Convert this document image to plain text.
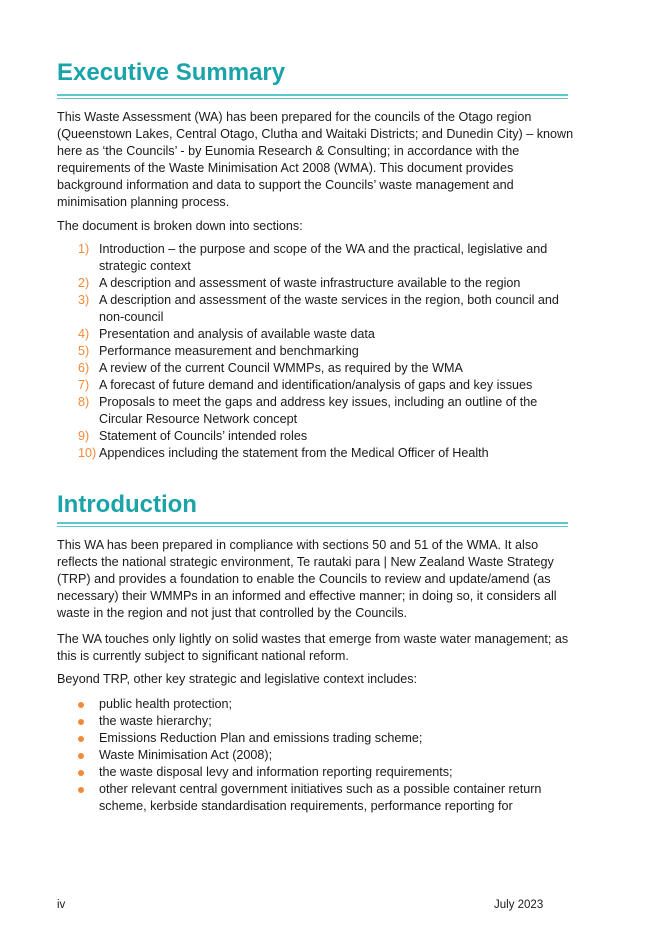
Executive Summary

This Waste Assessment (WA) has been prepared for the councils of the Otago region (Queenstown Lakes, Central Otago, Clutha and Waitaki Districts; and Dunedin City) – known here as ‘the Councils’ - by Eunomia Research & Consulting; in accordance with the requirements of the Waste Minimisation Act 2008 (WMA). This document provides background information and data to support the Councils’ waste management and minimisation planning process.

The document is broken down into sections:

1) Introduction – the purpose and scope of the WA and the practical, legislative and strategic context
2) A description and assessment of waste infrastructure available to the region
3) A description and assessment of the waste services in the region, both council and non-council
4) Presentation and analysis of available waste data
5) Performance measurement and benchmarking
6) A review of the current Council WMMPs, as required by the WMA
7) A forecast of future demand and identification/analysis of gaps and key issues
8) Proposals to meet the gaps and address key issues, including an outline of the Circular Resource Network concept
9) Statement of Councils’ intended roles
10) Appendices including the statement from the Medical Officer of Health
Introduction

This WA has been prepared in compliance with sections 50 and 51 of the WMA. It also reflects the national strategic environment, Te rautaki para | New Zealand Waste Strategy (TRP) and provides a foundation to enable the Councils to review and update/amend (as necessary) their WMMPs in an informed and effective manner; in doing so, it considers all waste in the region and not just that controlled by the Councils.

The WA touches only lightly on solid wastes that emerge from waste water management; as this is currently subject to significant national reform.

Beyond TRP, other key strategic and legislative context includes:

public health protection;
the waste hierarchy;
Emissions Reduction Plan and emissions trading scheme;
Waste Minimisation Act (2008);
the waste disposal levy and information reporting requirements;
other relevant central government initiatives such as a possible container return scheme, kerbside standardisation requirements, performance reporting for
iv	July 2023
